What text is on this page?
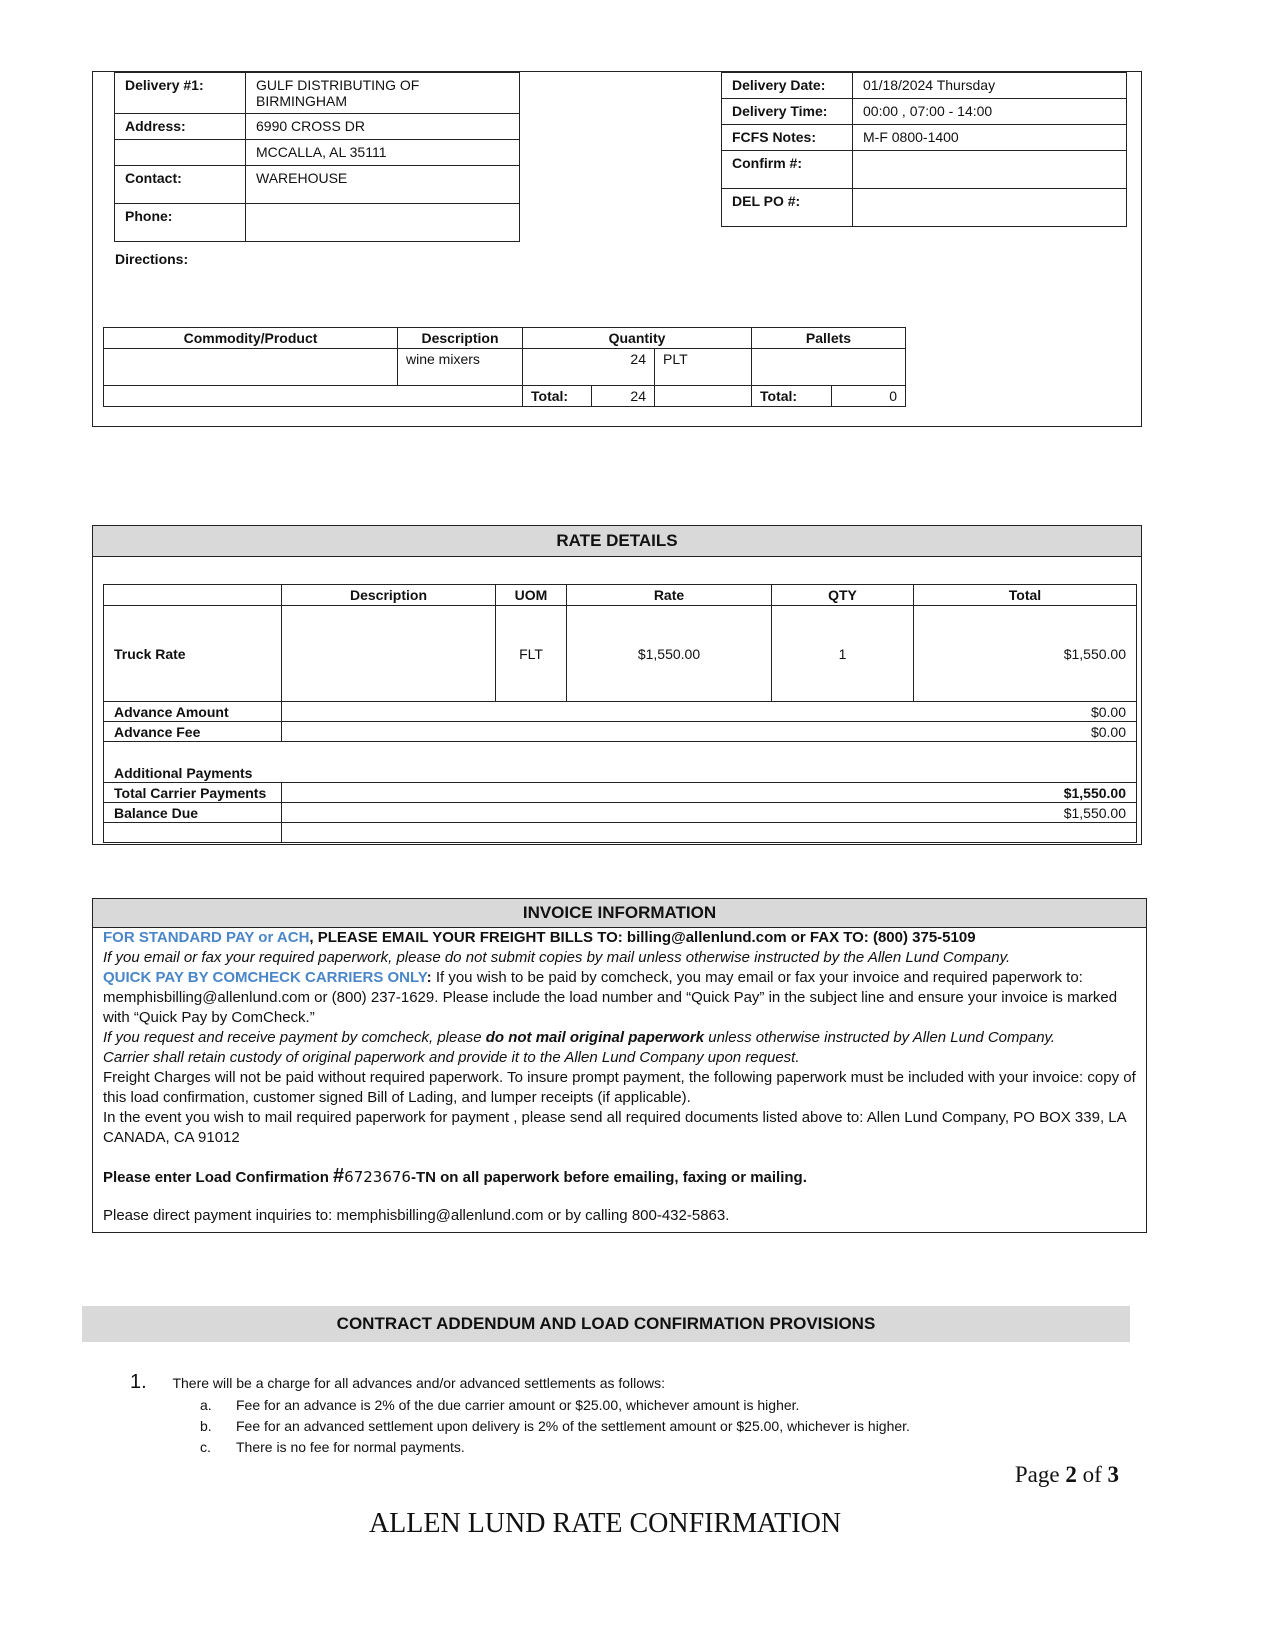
Delivery #1:	GULF DISTRIBUTING OF BIRMINGHAM
Address:	6990 CROSS DR
	MCCALLA, AL 35111
Contact:	WAREHOUSE
Phone:	
Delivery Date:	01/18/2024 Thursday
Delivery Time:	00:00 , 07:00 - 14:00
FCFS Notes:	M-F 0800-1400
Confirm #:	
DEL PO #:	
Directions:
Commodity/Product	Description	Quantity		Pallets	
	wine mixers	24	PLT		

		Total: 24		Total:	0
RATE DETAILS
	Description	UOM	Rate	QTY	Total
Truck Rate		FLT	$1,550.00	1	$1,550.00
Advance Amount	$0.00				
Advance Fee	$0.00				
Additional Payments					
Total Carrier Payments	$1,550.00				
Balance Due	$1,550.00				

INVOICE INFORMATION

FOR STANDARD PAY or ACH, PLEASE EMAIL YOUR FREIGHT BILLS TO: billing@allenlund.com or FAX TO: (800) 375-5109

If you email or fax your required paperwork, please do not submit copies by mail unless otherwise instructed by the Allen Lund Company.

QUICK PAY BY COMCHECK CARRIERS ONLY: If you wish to be paid by comcheck, you may email or fax your invoice and required paperwork to: memphisbilling@allenlund.com or (800) 237-1629. Please include the load number and “Quick Pay” in the subject line and ensure your invoice is marked with “Quick Pay by ComCheck.”

If you request and receive payment by comcheck, please do not mail original paperwork unless otherwise instructed by Allen Lund Company.

Carrier shall retain custody of original paperwork and provide it to the Allen Lund Company upon request.

Freight Charges will not be paid without required paperwork. To insure prompt payment, the following paperwork must be included with your invoice: copy of this load confirmation, customer signed Bill of Lading, and lumper receipts (if applicable).

In the event you wish to mail required paperwork for payment , please send all required documents listed above to: Allen Lund Company, PO BOX 339, LA CANADA, CA 91012

Please enter Load Confirmation #6723676-TN on all paperwork before emailing, faxing or mailing.

Please direct payment inquiries to: memphisbilling@allenlund.com or by calling 800-432-5863.

CONTRACT ADDENDUM AND LOAD CONFIRMATION PROVISIONS
1. There will be a charge for all advances and/or advanced settlements as follows:
a. Fee for an advance is 2% of the due carrier amount or $25.00, whichever amount is higher.
b. Fee for an advanced settlement upon delivery is 2% of the settlement amount or $25.00, whichever is higher.
c. There is no fee for normal payments.
Page 2 of 3
ALLEN LUND RATE CONFIRMATION
